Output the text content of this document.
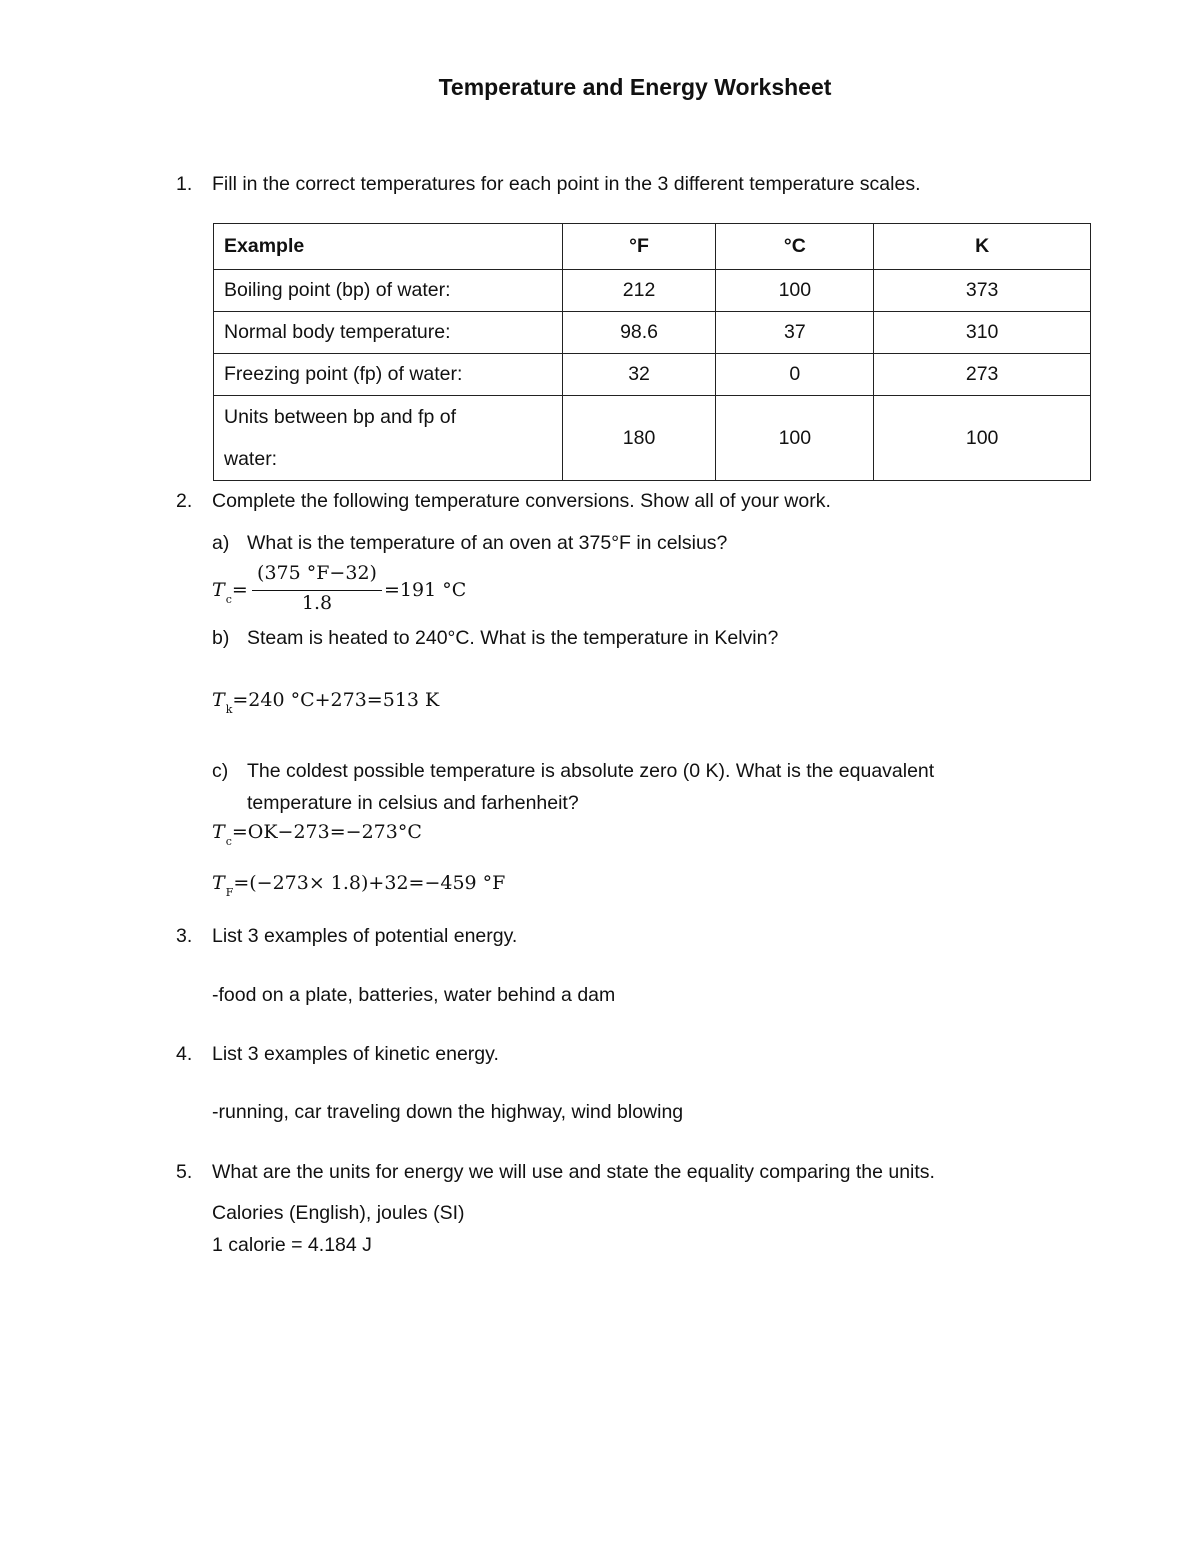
Temperature and Energy Worksheet
1. Fill in the correct temperatures for each point in the 3 different temperature scales.
Example	°F	°C	K
Boiling point (bp) of water:	212	100	373
Normal body temperature:	98.6	37	310
Freezing point (fp) of water:	32	0	273

Units between bp and fp of
water:	180	100	100
2. Complete the following temperature conversions. Show all of your work.
a) What is the temperature of an oven at 375°F in celsius?
$T_c=$
(375 °F−32)
1.8
=191 °C
b) Steam is heated to 240°C. What is the temperature in Kelvin?
$T_k=240$ °C+273=513 K
c) The coldest possible temperature is absolute zero (0 K). What is the equavalent
temperature in celsius and farhenheit?
$T_c=OK-273=-273^\circ C$
$T_F=(-273\times 1.8)+32=-459$ °F
3. List 3 examples of potential energy.
-food on a plate, batteries, water behind a dam
4. List 3 examples of kinetic energy.
-running, car traveling down the highway, wind blowing
5. What are the units for energy we will use and state the equality comparing the units.
Calories (English), joules (SI)
1 calorie = 4.184 J
